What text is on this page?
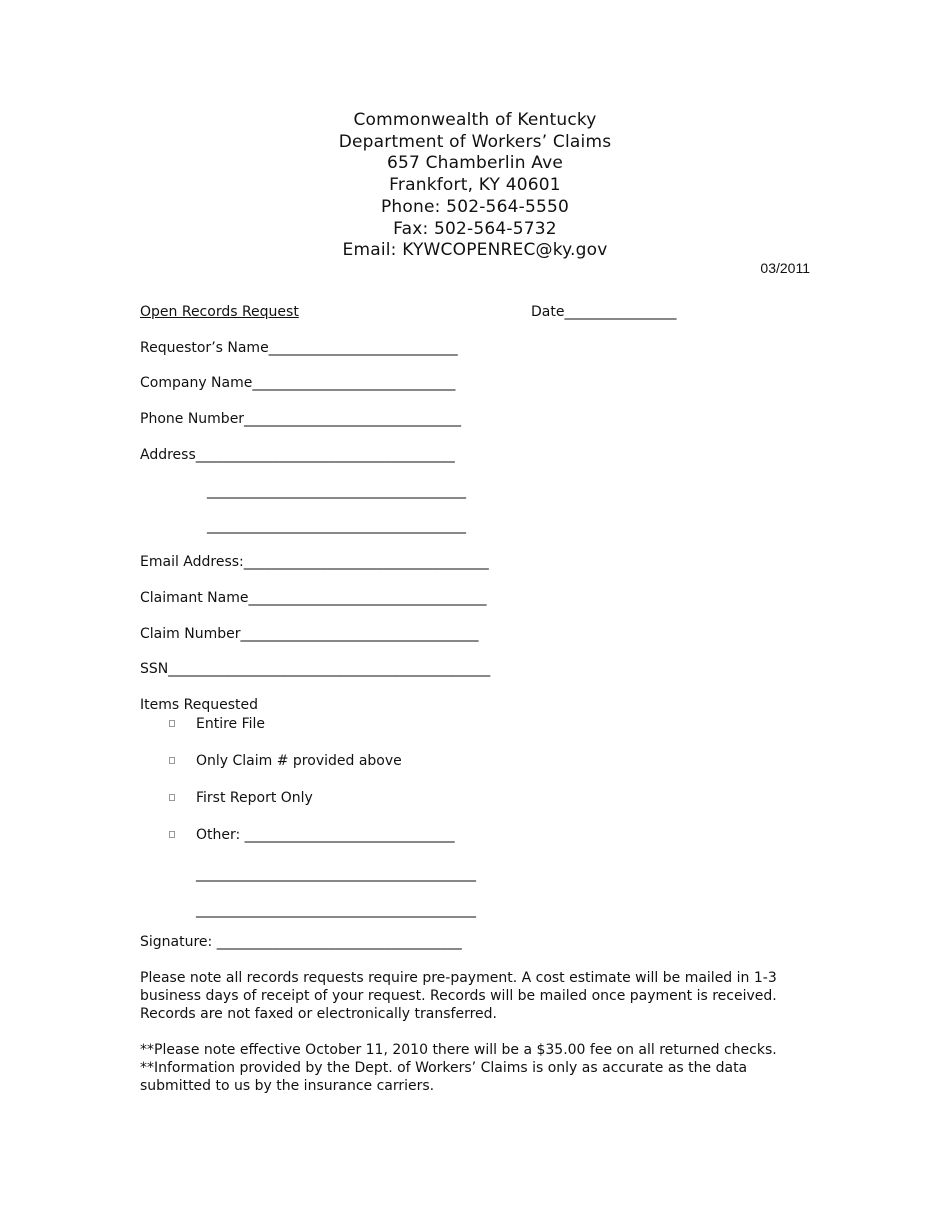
Commonwealth of Kentucky
Department of Workers’ Claims
657 Chamberlin Ave
Frankfort, KY 40601
Phone: 502-564-5550
Fax: 502-564-5732
Email: KYWCOPENREC@ky.gov
03/2011
Open Records Request	Date________________
Requestor’s Name___________________________
Company Name_____________________________
Phone Number_______________________________
Address_____________________________________
_____________________________________
_____________________________________
Email Address:___________________________________
Claimant Name__________________________________
Claim Number__________________________________
SSN______________________________________________
Items Requested
Entire File
Only Claim # provided above
First Report Only
Other: ______________________________
________________________________________
________________________________________
Signature: ___________________________________
Please note all records requests require pre-payment. A cost estimate will be mailed in 1-3 business days of receipt of your request. Records will be mailed once payment is received. Records are not faxed or electronically transferred.
**Please note effective October 11, 2010 there will be a $35.00 fee on all returned checks.
**Information provided by the Dept. of Workers’ Claims is only as accurate as the data submitted to us by the insurance carriers.
